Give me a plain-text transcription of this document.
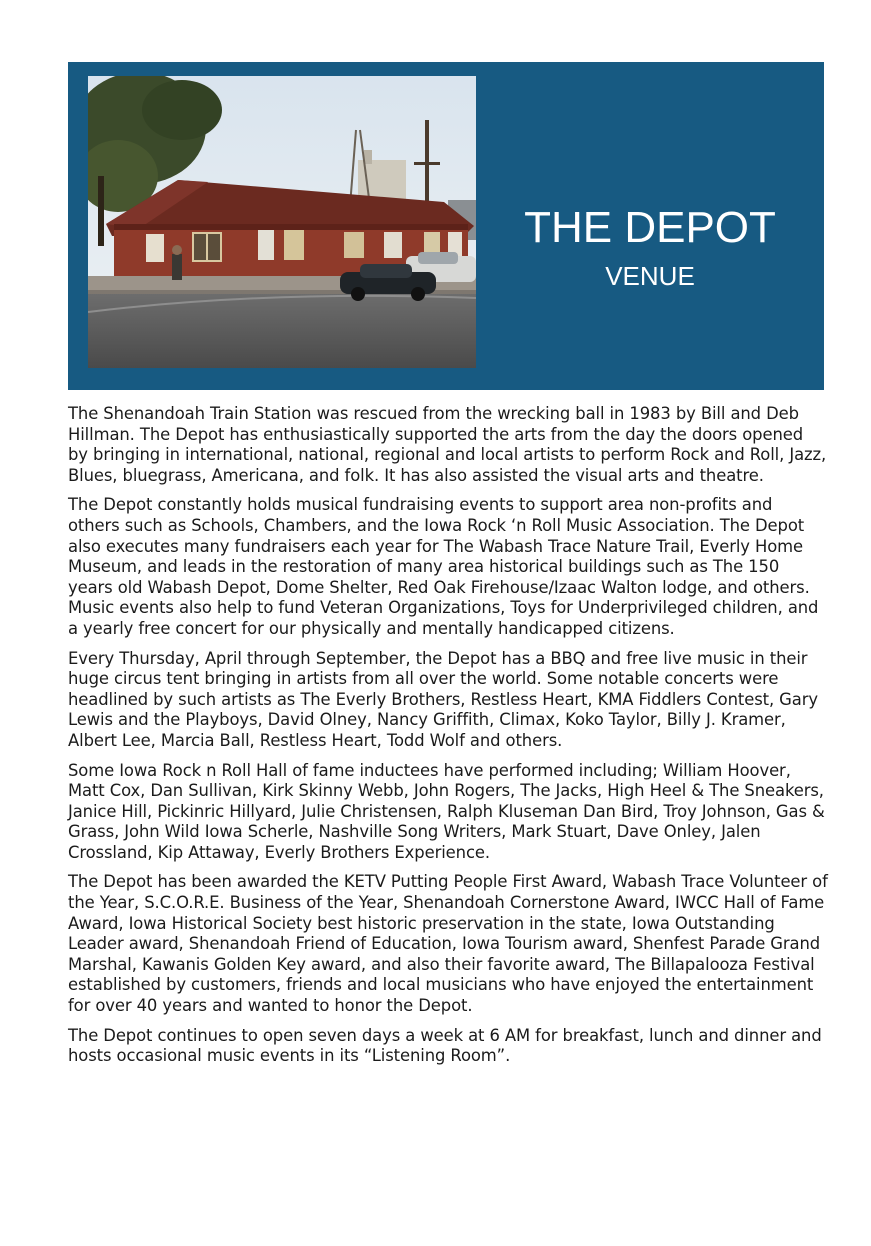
THE DEPOT
VENUE

The Shenandoah Train Station was rescued from the wrecking ball in 1983 by Bill and Deb Hillman. The Depot has enthusiastically supported the arts from the day the doors opened by bringing in international, national, regional and local artists to perform Rock and Roll, Jazz, Blues, bluegrass, Americana, and folk. It has also assisted the visual arts and theatre.

The Depot constantly holds musical fundraising events to support area non-profits and others such as Schools, Chambers, and the Iowa Rock ‘n Roll Music Association. The Depot also executes many fundraisers each year for The Wabash Trace Nature Trail, Everly Home Museum, and leads in the restoration of many area historical buildings such as The 150 years old Wabash Depot, Dome Shelter, Red Oak Firehouse/Izaac Walton lodge, and others. Music events also help to fund Veteran Organizations, Toys for Underprivileged children, and a yearly free concert for our physically and mentally handicapped citizens.

Every Thursday, April through September, the Depot has a BBQ and free live music in their huge circus tent bringing in artists from all over the world. Some notable concerts were headlined by such artists as The Everly Brothers, Restless Heart, KMA Fiddlers Contest, Gary Lewis and the Playboys, David Olney, Nancy Griffith, Climax, Koko Taylor, Billy J. Kramer, Albert Lee, Marcia Ball, Restless Heart, Todd Wolf and others.

Some Iowa Rock n Roll Hall of fame inductees have performed including; William Hoover, Matt Cox, Dan Sullivan, Kirk Skinny Webb, John Rogers, The Jacks, High Heel & The Sneakers, Janice Hill, Pickinric Hillyard, Julie Christensen, Ralph Kluseman Dan Bird, Troy Johnson, Gas & Grass, John Wild Iowa Scherle, Nashville Song Writers, Mark Stuart, Dave Onley, Jalen Crossland, Kip Attaway, Everly Brothers Experience.

The Depot has been awarded the KETV Putting People First Award, Wabash Trace Volunteer of the Year, S.C.O.R.E. Business of the Year, Shenandoah Cornerstone Award, IWCC Hall of Fame Award, Iowa Historical Society best historic preservation in the state, Iowa Outstanding Leader award, Shenandoah Friend of Education, Iowa Tourism award, Shenfest Parade Grand Marshal, Kawanis Golden Key award, and also their favorite award, The Billapalooza Festival established by customers, friends and local musicians who have enjoyed the entertainment for over 40 years and wanted to honor the Depot.

The Depot continues to open seven days a week at 6 AM for breakfast, lunch and dinner and hosts occasional music events in its “Listening Room”.
